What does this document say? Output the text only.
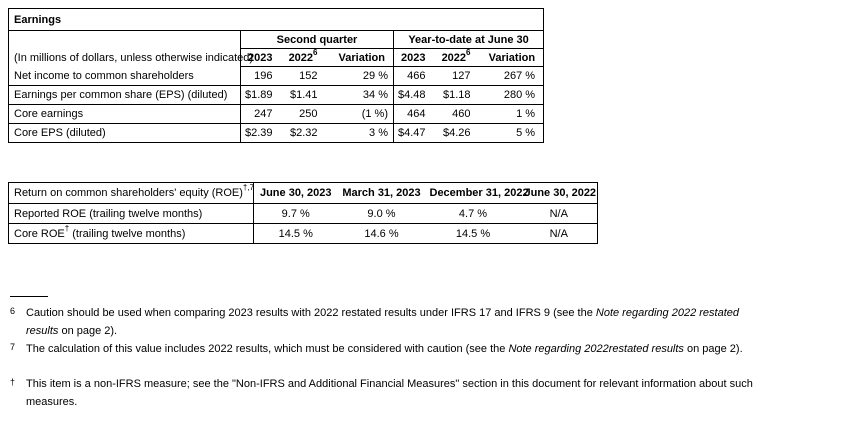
Earnings						
(In millions of dollars, unless otherwise indicated)	Second quarter			Year-to-date at June 30		
	2023	2022$^6$	Variation	2023	2022$^6$	Variation
Net income to common shareholders	196	152	29 %	466	127	267 %
Earnings per common share (EPS) (diluted)	$1.89	$1.41	34 %	$4.48	$1.18	280 %
Core earnings	247	250	(1 %)	464	460	1 %
Core EPS (diluted)	$2.39	$2.32	3 %	$4.47	$4.26	5 %
Return on common shareholders' equity (ROE)$^{\dagger,7}$	June 30, 2023	March 31, 2023	December 31, 2022	June 30, 2022
Reported ROE (trailing twelve months)	9.7 %	9.0 %	4.7 %	N/A
Core ROE† (trailing twelve months)	14.5 %	14.6 %	14.5 %	N/A
6 Caution should be used when comparing 2023 results with 2022 restated results under IFRS 17 and IFRS 9 (see the Note regarding 2022 restated
results on page 2).
7 The calculation of this value includes 2022 results, which must be considered with caution (see the Note regarding 2022restated results on page 2).
† This item is a non-IFRS measure; see the "Non-IFRS and Additional Financial Measures" section in this document for relevant information about such
measures.
